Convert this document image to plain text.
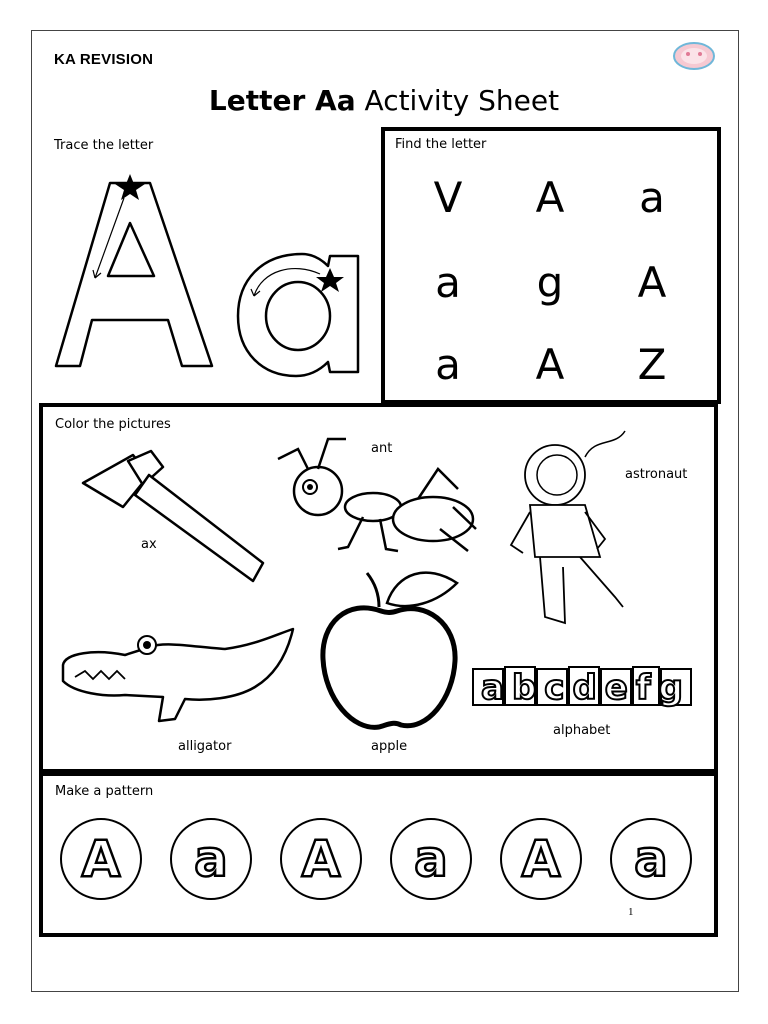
KA REVISION
Letter Aa Activity Sheet
Trace the letter	Find the letter
V	A	a
a	g	A
a	A	Z
Color the pictures
ax
ant
astronaut
alligator	apple
abcdefg
alphabet
Make a pattern
A a A a A a
1
